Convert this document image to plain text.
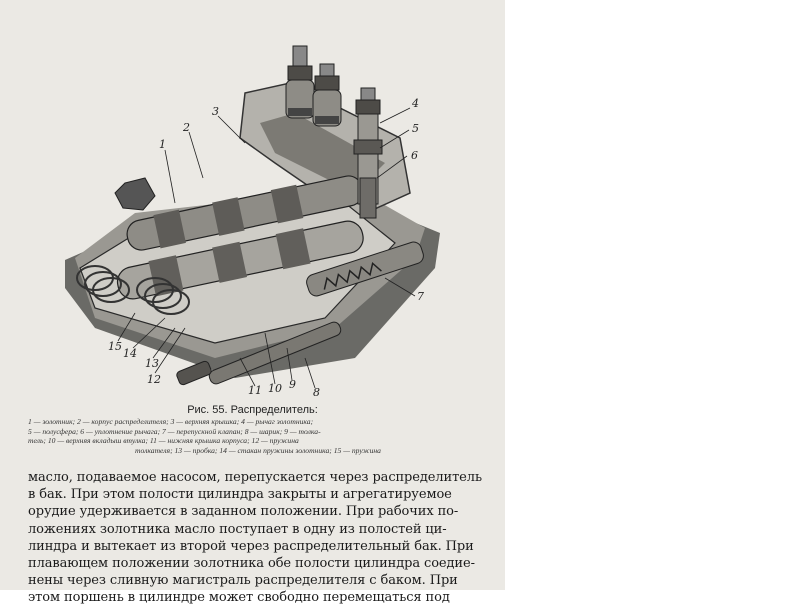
1
2
3
4
5
6
7
8
9
10
11
12
13
14
15
Рис. 55. Распределитель:
1 — золотник; 2 — корпус распределителя; 3 — верхняя крышка; 4 — рычаг золотника;
5 — полусфера; 6 — уплотнение рычага; 7 — перепускной клапан; 8 — шарик; 9 — толка-
тель; 10 — верхняя вкладыш втулка; 11 — нижняя крышка корпуса; 12 — пружина
толкателя; 13 — пробка; 14 — стакан пружины золотника; 15 — пружина
масло, подаваемое насосом, перепускается через распределитель
в бак. При этом полости цилиндра закрыты и агрегатируемое
орудие удерживается в заданном положении. При рабочих по-
ложениях золотника масло поступает в одну из полостей ци-
линдра и вытекает из второй через распределительный бак. При
плавающем положении золотника обе полости цилиндра соедие-
нены через сливную магистраль распределителя с баком. При
этом поршень в цилиндре может свободно перемещаться под
